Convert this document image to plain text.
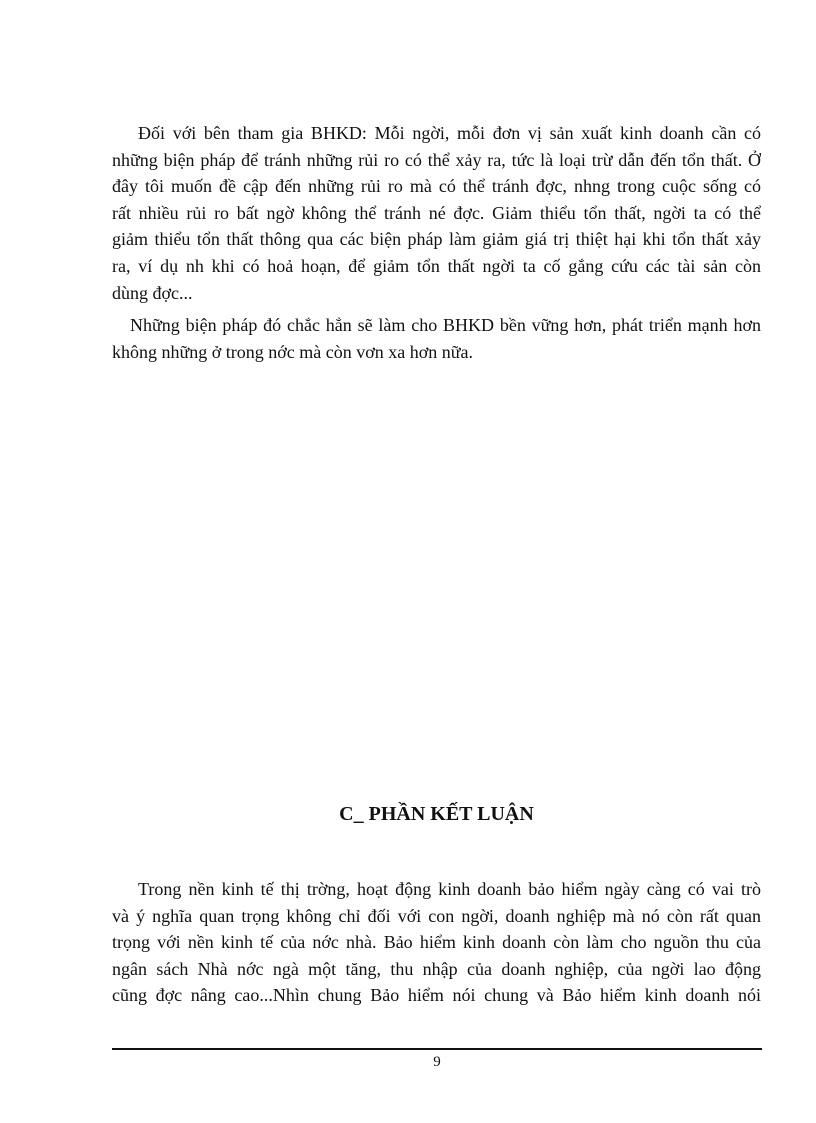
Đối với bên tham gia BHKD: Mỗi ngời, mỗi đơn vị sản xuất kinh doanh cần có
những biện pháp để tránh những rủi ro có thể xảy ra, tức là loại trừ dẫn đến tổn thất. Ở
đây tôi muốn đề cập đến những rủi ro mà có thể tránh đợc, nhng trong cuộc sống có
rất nhiều rủi ro bất ngờ không thể tránh né đợc. Giảm thiểu tổn thất, ngời ta có thể
giảm thiểu tổn thất thông qua các biện pháp làm giảm giá trị thiệt hại khi tổn thất xảy
ra, ví dụ nh khi có hoả hoạn, để giảm tổn thất ngời ta cố gắng cứu các tài sản còn
dùng đợc...
Những biện pháp đó chắc hẳn sẽ làm cho BHKD bền vững hơn, phát triển mạnh hơn
không những ở trong nớc mà còn vơn xa hơn nữa.
C_ PHẦN KẾT LUẬN
Trong nền kinh tế thị trờng, hoạt động kinh doanh bảo hiểm ngày càng có vai trò
và ý nghĩa quan trọng không chỉ đối với con ngời, doanh nghiệp mà nó còn rất quan
trọng với nền kinh tế của nớc nhà. Bảo hiểm kinh doanh còn làm cho nguồn thu của
ngân sách Nhà nớc ngà một tăng, thu nhập của doanh nghiệp, của ngời lao động
cũng đợc nâng cao...Nhìn chung Bảo hiểm nói chung và Bảo hiểm kinh doanh nói
9
